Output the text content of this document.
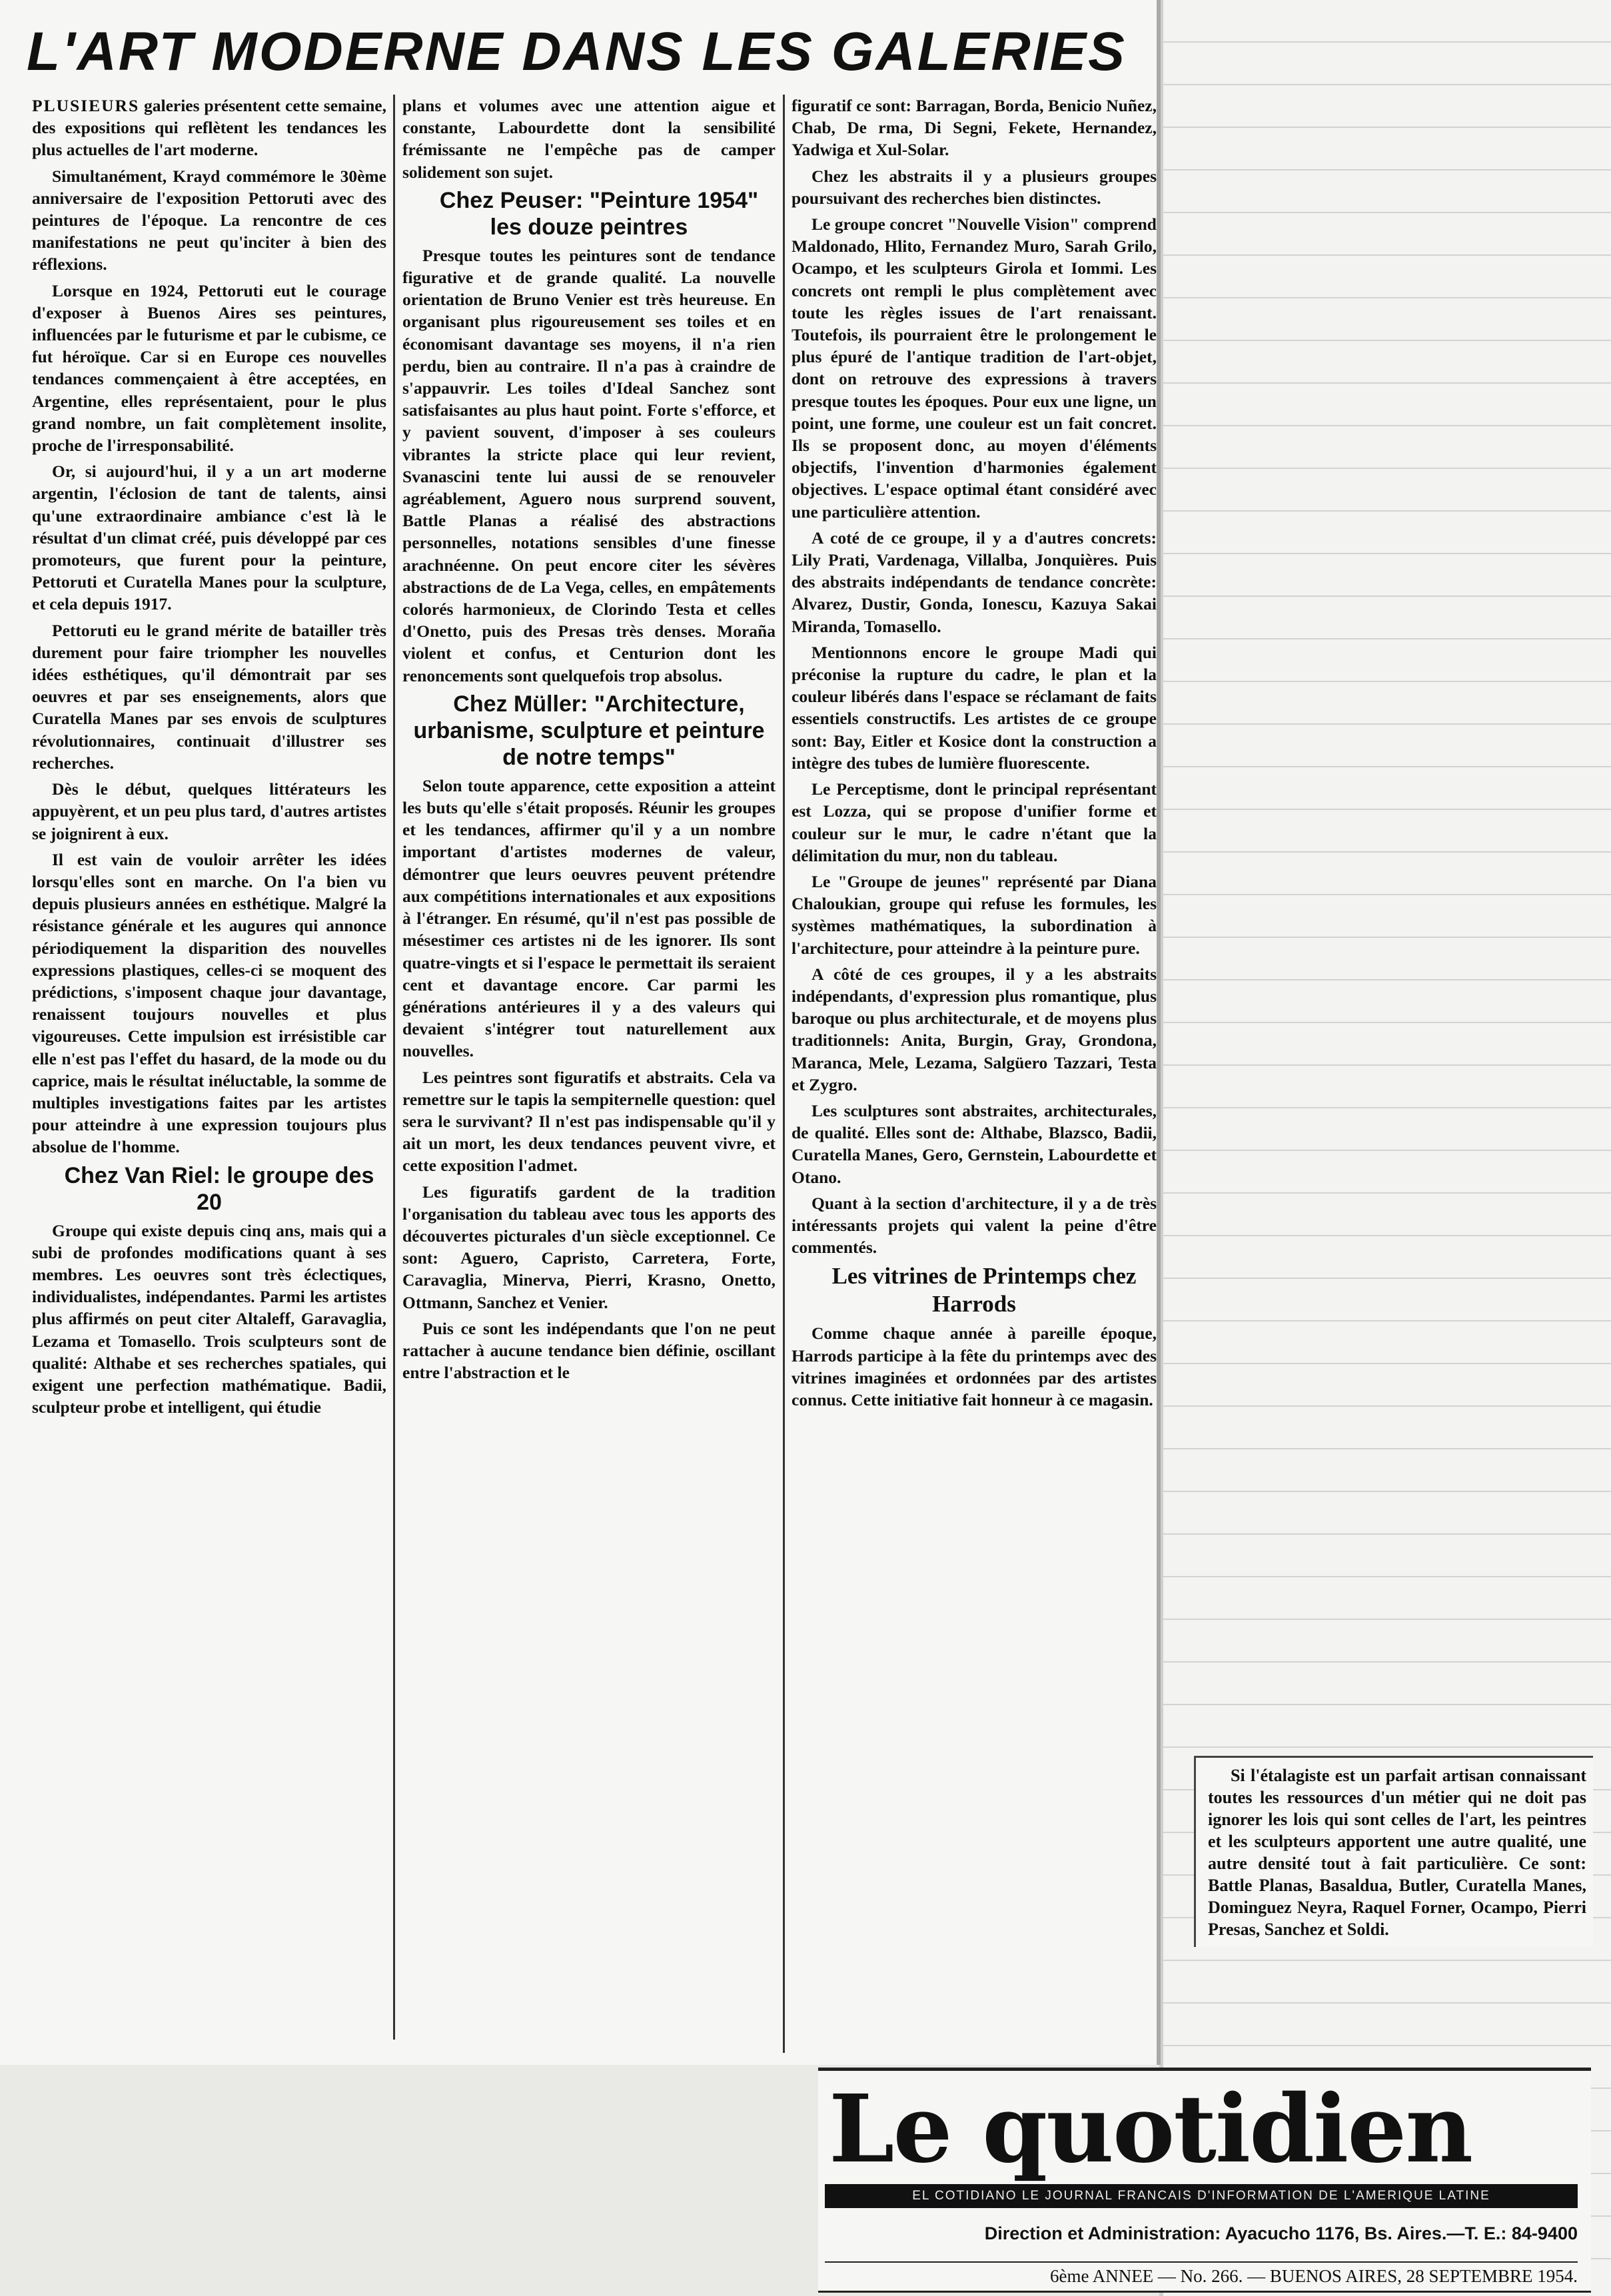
L'ART MODERNE DANS LES GALERIES

PLUSIEURS galeries présentent cette semaine, des expositions qui reflètent les tendances les plus actuelles de l'art moderne.

Simultanément, Krayd commémore le 30ème anniversaire de l'exposition Pettoruti avec des peintures de l'époque. La rencontre de ces manifestations ne peut qu'inciter à bien des réflexions.

Lorsque en 1924, Pettoruti eut le courage d'exposer à Buenos Aires ses peintures, influencées par le futurisme et par le cubisme, ce fut héroïque. Car si en Europe ces nouvelles tendances commençaient à être acceptées, en Argentine, elles représentaient, pour le plus grand nombre, un fait complètement insolite, proche de l'irresponsabilité.

Or, si aujourd'hui, il y a un art moderne argentin, l'éclosion de tant de talents, ainsi qu'une extraordinaire ambiance c'est là le résultat d'un climat créé, puis développé par ces promoteurs, que furent pour la peinture, Pettoruti et Curatella Manes pour la sculpture, et cela depuis 1917.

Pettoruti eu le grand mérite de batailler très durement pour faire triompher les nouvelles idées esthétiques, qu'il démontrait par ses oeuvres et par ses enseignements, alors que Curatella Manes par ses envois de sculptures révolutionnaires, continuait d'illustrer ses recherches.

Dès le début, quelques littérateurs les appuyèrent, et un peu plus tard, d'autres artistes se joignirent à eux.

Il est vain de vouloir arrêter les idées lorsqu'elles sont en marche. On l'a bien vu depuis plusieurs années en esthétique. Malgré la résistance générale et les augures qui annonce périodiquement la disparition des nouvelles expressions plastiques, celles-ci se moquent des prédictions, s'imposent chaque jour davantage, renaissent toujours nouvelles et plus vigoureuses. Cette impulsion est irrésistible car elle n'est pas l'effet du hasard, de la mode ou du caprice, mais le résultat inéluctable, la somme de multiples investigations faites par les artistes pour atteindre à une expression toujours plus absolue de l'homme.

Chez Van Riel: le groupe des 20

Groupe qui existe depuis cinq ans, mais qui a subi de profondes modifications quant à ses membres. Les oeuvres sont très éclectiques, individualistes, indépendantes. Parmi les artistes plus affirmés on peut citer Altaleff, Garavaglia, Lezama et Tomasello. Trois sculpteurs sont de qualité: Althabe et ses recherches spatiales, qui exigent une perfection mathématique. Badii, sculpteur probe et intelligent, qui étudie

plans et volumes avec une attention aigue et constante, Labourdette dont la sensibilité frémissante ne l'empêche pas de camper solidement son sujet.

Chez Peuser: "Peinture 1954" les douze peintres

Presque toutes les peintures sont de tendance figurative et de grande qualité. La nouvelle orientation de Bruno Venier est très heureuse. En organisant plus rigoureusement ses toiles et en économisant davantage ses moyens, il n'a rien perdu, bien au contraire. Il n'a pas à craindre de s'appauvrir. Les toiles d'Ideal Sanchez sont satisfaisantes au plus haut point. Forte s'efforce, et y pavient souvent, d'imposer à ses couleurs vibrantes la stricte place qui leur revient, Svanascini tente lui aussi de se renouveler agréablement, Aguero nous surprend souvent, Battle Planas a réalisé des abstractions personnelles, notations sensibles d'une finesse arachnéenne. On peut encore citer les sévères abstractions de de La Vega, celles, en empâtements colorés harmonieux, de Clorindo Testa et celles d'Onetto, puis des Presas très denses. Moraña violent et confus, et Centurion dont les renoncements sont quelquefois trop absolus.

Chez Müller: "Architecture, urbanisme, sculpture et peinture de notre temps"

Selon toute apparence, cette exposition a atteint les buts qu'elle s'était proposés. Réunir les groupes et les tendances, affirmer qu'il y a un nombre important d'artistes modernes de valeur, démontrer que leurs oeuvres peuvent prétendre aux compétitions internationales et aux expositions à l'étranger. En résumé, qu'il n'est pas possible de mésestimer ces artistes ni de les ignorer. Ils sont quatre-vingts et si l'espace le permettait ils seraient cent et davantage encore. Car parmi les générations antérieures il y a des valeurs qui devaient s'intégrer tout naturellement aux nouvelles.

Les peintres sont figuratifs et abstraits. Cela va remettre sur le tapis la sempiternelle question: quel sera le survivant? Il n'est pas indispensable qu'il y ait un mort, les deux tendances peuvent vivre, et cette exposition l'admet.

Les figuratifs gardent de la tradition l'organisation du tableau avec tous les apports des découvertes picturales d'un siècle exceptionnel. Ce sont: Aguero, Capristo, Carretera, Forte, Caravaglia, Minerva, Pierri, Krasno, Onetto, Ottmann, Sanchez et Venier.

Puis ce sont les indépendants que l'on ne peut rattacher à aucune tendance bien définie, oscillant entre l'abstraction et le

figuratif ce sont: Barragan, Borda, Benicio Nuñez, Chab, De rma, Di Segni, Fekete, Hernandez, Yadwiga et Xul-Solar.

Chez les abstraits il y a plusieurs groupes poursuivant des recherches bien distinctes.

Le groupe concret "Nouvelle Vision" comprend Maldonado, Hlito, Fernandez Muro, Sarah Grilo, Ocampo, et les sculpteurs Girola et Iommi. Les concrets ont rempli le plus complètement avec toute les règles issues de l'art renaissant. Toutefois, ils pourraient être le prolongement le plus épuré de l'antique tradition de l'art-objet, dont on retrouve des expressions à travers presque toutes les époques. Pour eux une ligne, un point, une forme, une couleur est un fait concret. Ils se proposent donc, au moyen d'éléments objectifs, l'invention d'harmonies également objectives. L'espace optimal étant considéré avec une particulière attention.

A coté de ce groupe, il y a d'autres concrets: Lily Prati, Vardenaga, Villalba, Jonquières. Puis des abstraits indépendants de tendance concrète: Alvarez, Dustir, Gonda, Ionescu, Kazuya Sakai Miranda, Tomasello.

Mentionnons encore le groupe Madi qui préconise la rupture du cadre, le plan et la couleur libérés dans l'espace se réclamant de faits essentiels constructifs. Les artistes de ce groupe sont: Bay, Eitler et Kosice dont la construction a intègre des tubes de lumière fluorescente.

Le Perceptisme, dont le principal représentant est Lozza, qui se propose d'unifier forme et couleur sur le mur, le cadre n'étant que la délimitation du mur, non du tableau.

Le "Groupe de jeunes" représenté par Diana Chaloukian, groupe qui refuse les formules, les systèmes mathématiques, la subordination à l'architecture, pour atteindre à la peinture pure.

A côté de ces groupes, il y a les abstraits indépendants, d'expression plus romantique, plus baroque ou plus architecturale, et de moyens plus traditionnels: Anita, Burgin, Gray, Grondona, Maranca, Mele, Lezama, Salgüero Tazzari, Testa et Zygro.

Les sculptures sont abstraites, architecturales, de qualité. Elles sont de: Althabe, Blazsco, Badii, Curatella Manes, Gero, Gernstein, Labourdette et Otano.

Quant à la section d'architecture, il y a de très intéressants projets qui valent la peine d'être commentés.

Les vitrines de Printemps chez Harrods

Comme chaque année à pareille époque, Harrods participe à la fête du printemps avec des vitrines imaginées et ordonnées par des artistes connus. Cette initiative fait honneur à ce magasin.

Si l'étalagiste est un parfait artisan connaissant toutes les ressources d'un métier qui ne doit pas ignorer les lois qui sont celles de l'art, les peintres et les sculpteurs apportent une autre qualité, une autre densité tout à fait particulière. Ce sont: Battle Planas, Basaldua, Butler, Curatella Manes, Dominguez Neyra, Raquel Forner, Ocampo, Pierri Presas, Sanchez et Soldi.

Le quotidien
EL COTIDIANO LE JOURNAL FRANCAIS D'INFORMATION DE L'AMERIQUE LATINE
Direction et Administration: Ayacucho 1176, Bs. Aires.—T. E.: 84-9400
6ème ANNEE — No. 266. — BUENOS AIRES, 28 SEPTEMBRE 1954.
